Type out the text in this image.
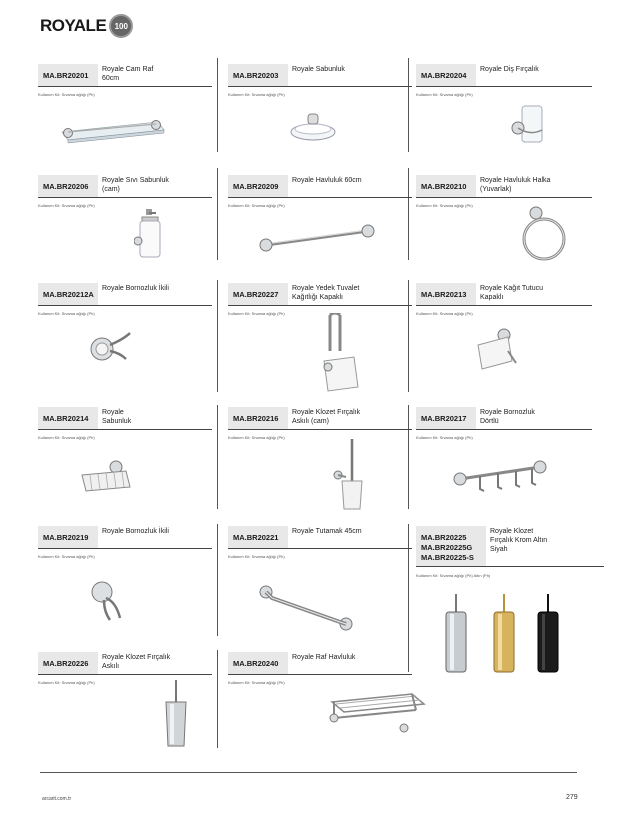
ROYALE	100
MA.BR20201
Royale Cam Raf 60cm
Kullanım Kit: Sıvama ağlığı (Ph)
MA.BR20203
Royale Sabunluk
Kullanım Kit: Sıvama ağlığı (Ph)
MA.BR20204
Royale Diş Fırçalık
Kullanım Kit: Sıvama ağlığı (Ph)
MA.BR20206
Royale Sıvı Sabunluk (cam)
Kullanım Kit: Sıvama ağlığı (Ph)
MA.BR20209
Royale Havluluk 60cm
Kullanım Kit: Sıvama ağlığı (Ph)
MA.BR20210
Royale Havluluk Halka (Yuvarlak)
Kullanım Kit: Sıvama ağlığı (Ph)
MA.BR20212A
Royale Bornozluk İkili
Kullanım Kit: Sıvama ağlığı (Ph)
MA.BR20227
Royale Yedek Tuvalet Kağıtlığı Kapaklı
Kullanım Kit: Sıvama ağlığı (Ph)
MA.BR20213
Royale Kağıt Tutucu Kapaklı
Kullanım Kit: Sıvama ağlığı (Ph)
MA.BR20214
Royale Sabunluk
Kullanım Kit: Sıvama ağlığı (Ph)
MA.BR20216
Royale Klozet Fırçalık Askılı (cam)
Kullanım Kit: Sıvama ağlığı (Ph)
MA.BR20217
Royale Bornozluk Dörtlü
Kullanım Kit: Sıvama ağlığı (Ph)
MA.BR20219
Royale Bornozluk İkili
Kullanım Kit: Sıvama ağlığı (Ph)
MA.BR20221
Royale Tutamak 45cm
Kullanım Kit: Sıvama ağlığı (Ph)
MA.BR20225
MA.BR20225G
MA.BR20225-S
Royale Klozet Fırçalık Krom Altın Siyah
Kullanım Kit: Sıvama ağlığı (Ph) Altın (Ph)
MA.BR20226
Royale Klozet Fırçalık Askılı
Kullanım Kit: Sıvama ağlığı (Ph)
MA.BR20240
Royale Raf Havluluk
Kullanım Kit: Sıvama ağlığı (Ph)
arcarit.com.tr	279
